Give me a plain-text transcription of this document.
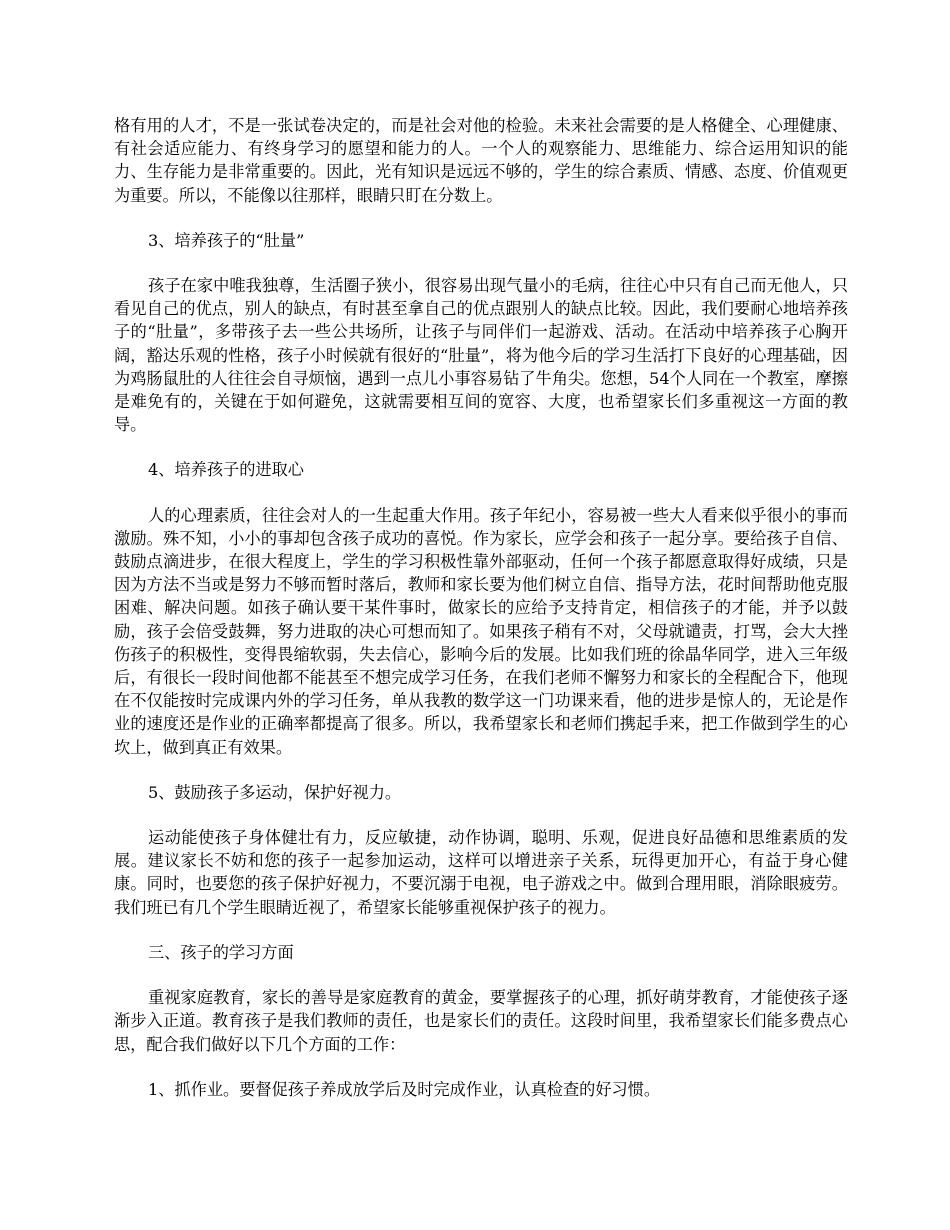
格有用的人才，不是一张试卷决定的，而是社会对他的检验。未来社会需要的是人格健全、心理健康、有社会适应能力、有终身学习的愿望和能力的人。一个人的观察能力、思维能力、综合运用知识的能力、生存能力是非常重要的。因此，光有知识是远远不够的，学生的综合素质、情感、态度、价值观更为重要。所以，不能像以往那样，眼睛只盯在分数上。

3、培养孩子的“肚量”

孩子在家中唯我独尊，生活圈子狭小，很容易出现气量小的毛病，往往心中只有自己而无他人，只看见自己的优点，别人的缺点，有时甚至拿自己的优点跟别人的缺点比较。因此，我们要耐心地培养孩子的“肚量”，多带孩子去一些公共场所，让孩子与同伴们一起游戏、活动。在活动中培养孩子心胸开阔，豁达乐观的性格，孩子小时候就有很好的“肚量”，将为他今后的学习生活打下良好的心理基础，因为鸡肠鼠肚的人往往会自寻烦恼，遇到一点儿小事容易钻了牛角尖。您想，54个人同在一个教室，摩擦是难免有的，关键在于如何避免，这就需要相互间的宽容、大度，也希望家长们多重视这一方面的教导。

4、培养孩子的进取心

人的心理素质，往往会对人的一生起重大作用。孩子年纪小，容易被一些大人看来似乎很小的事而激励。殊不知，小小的事却包含孩子成功的喜悦。作为家长，应学会和孩子一起分享。要给孩子自信、鼓励点滴进步，在很大程度上，学生的学习积极性靠外部驱动，任何一个孩子都愿意取得好成绩，只是因为方法不当或是努力不够而暂时落后，教师和家长要为他们树立自信、指导方法，花时间帮助他克服困难、解决问题。如孩子确认要干某件事时，做家长的应给予支持肯定，相信孩子的才能，并予以鼓励，孩子会倍受鼓舞，努力进取的决心可想而知了。如果孩子稍有不对，父母就谴责，打骂，会大大挫伤孩子的积极性，变得畏缩软弱，失去信心，影响今后的发展。比如我们班的徐晶华同学，进入三年级后，有很长一段时间他都不能甚至不想完成学习任务，在我们老师不懈努力和家长的全程配合下，他现在不仅能按时完成课内外的学习任务，单从我教的数学这一门功课来看，他的进步是惊人的，无论是作业的速度还是作业的正确率都提高了很多。所以，我希望家长和老师们携起手来，把工作做到学生的心坎上，做到真正有效果。

5、鼓励孩子多运动，保护好视力。

运动能使孩子身体健壮有力，反应敏捷，动作协调，聪明、乐观，促进良好品德和思维素质的发展。建议家长不妨和您的孩子一起参加运动，这样可以增进亲子关系，玩得更加开心，有益于身心健康。同时，也要您的孩子保护好视力，不要沉溺于电视，电子游戏之中。做到合理用眼，消除眼疲劳。我们班已有几个学生眼睛近视了，希望家长能够重视保护孩子的视力。

三、孩子的学习方面

重视家庭教育，家长的善导是家庭教育的黄金，要掌握孩子的心理，抓好萌芽教育，才能使孩子逐渐步入正道。教育孩子是我们教师的责任，也是家长们的责任。这段时间里，我希望家长们能多费点心思，配合我们做好以下几个方面的工作：

1、抓作业。要督促孩子养成放学后及时完成作业，认真检查的好习惯。
